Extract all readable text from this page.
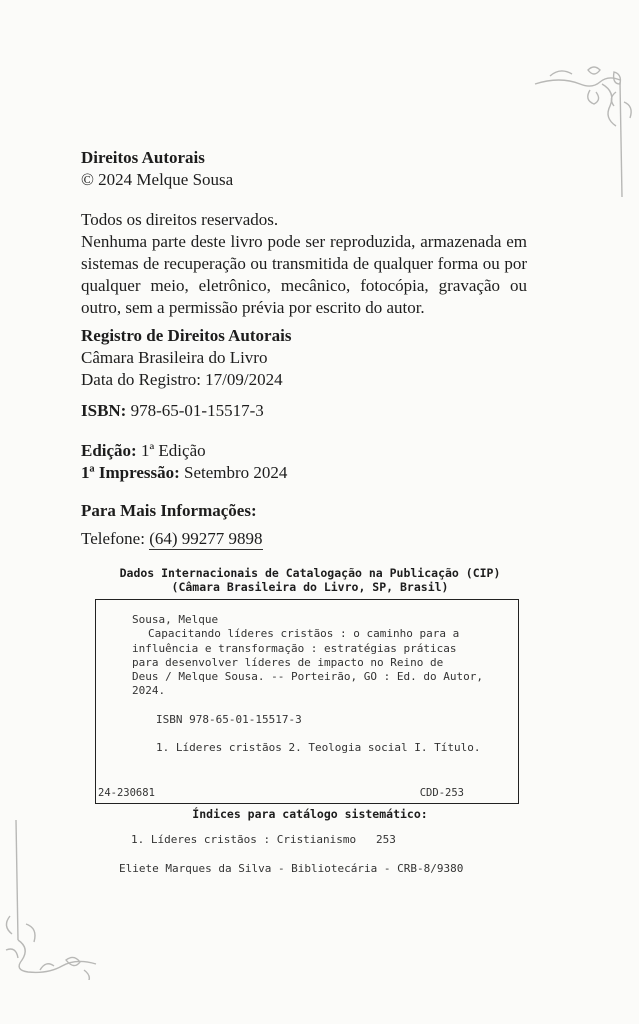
Direitos Autorais
© 2024 Melque Sousa
Todos os direitos reservados.
Nenhuma parte deste livro pode ser reproduzida, armazenada em sistemas de recuperação ou transmitida de qualquer forma ou por qualquer meio, eletrônico, mecânico, fotocópia, gravação ou outro, sem a permissão prévia por escrito do autor.
Registro de Direitos Autorais
Câmara Brasileira do Livro
Data do Registro: 17/09/2024
ISBN: 978-65-01-15517-3
Edição: 1ª Edição
1ª Impressão: Setembro 2024
Para Mais Informações:
Telefone: (64) 99277 9898
Dados Internacionais de Catalogação na Publicação (CIP)
(Câmara Brasileira do Livro, SP, Brasil)
Sousa, Melque
Capacitando líderes cristãos : o caminho para a
influência e transformação : estratégias práticas
para desenvolver líderes de impacto no Reino de
Deus / Melque Sousa. -- Porteirão, GO : Ed. do Autor,
2024.
ISBN 978-65-01-15517-3
1. Líderes cristãos 2. Teologia social I. Título.
24-230681	CDD-253
Índices para catálogo sistemático:
1. Líderes cristãos : Cristianismo   253
Eliete Marques da Silva - Bibliotecária - CRB-8/9380
